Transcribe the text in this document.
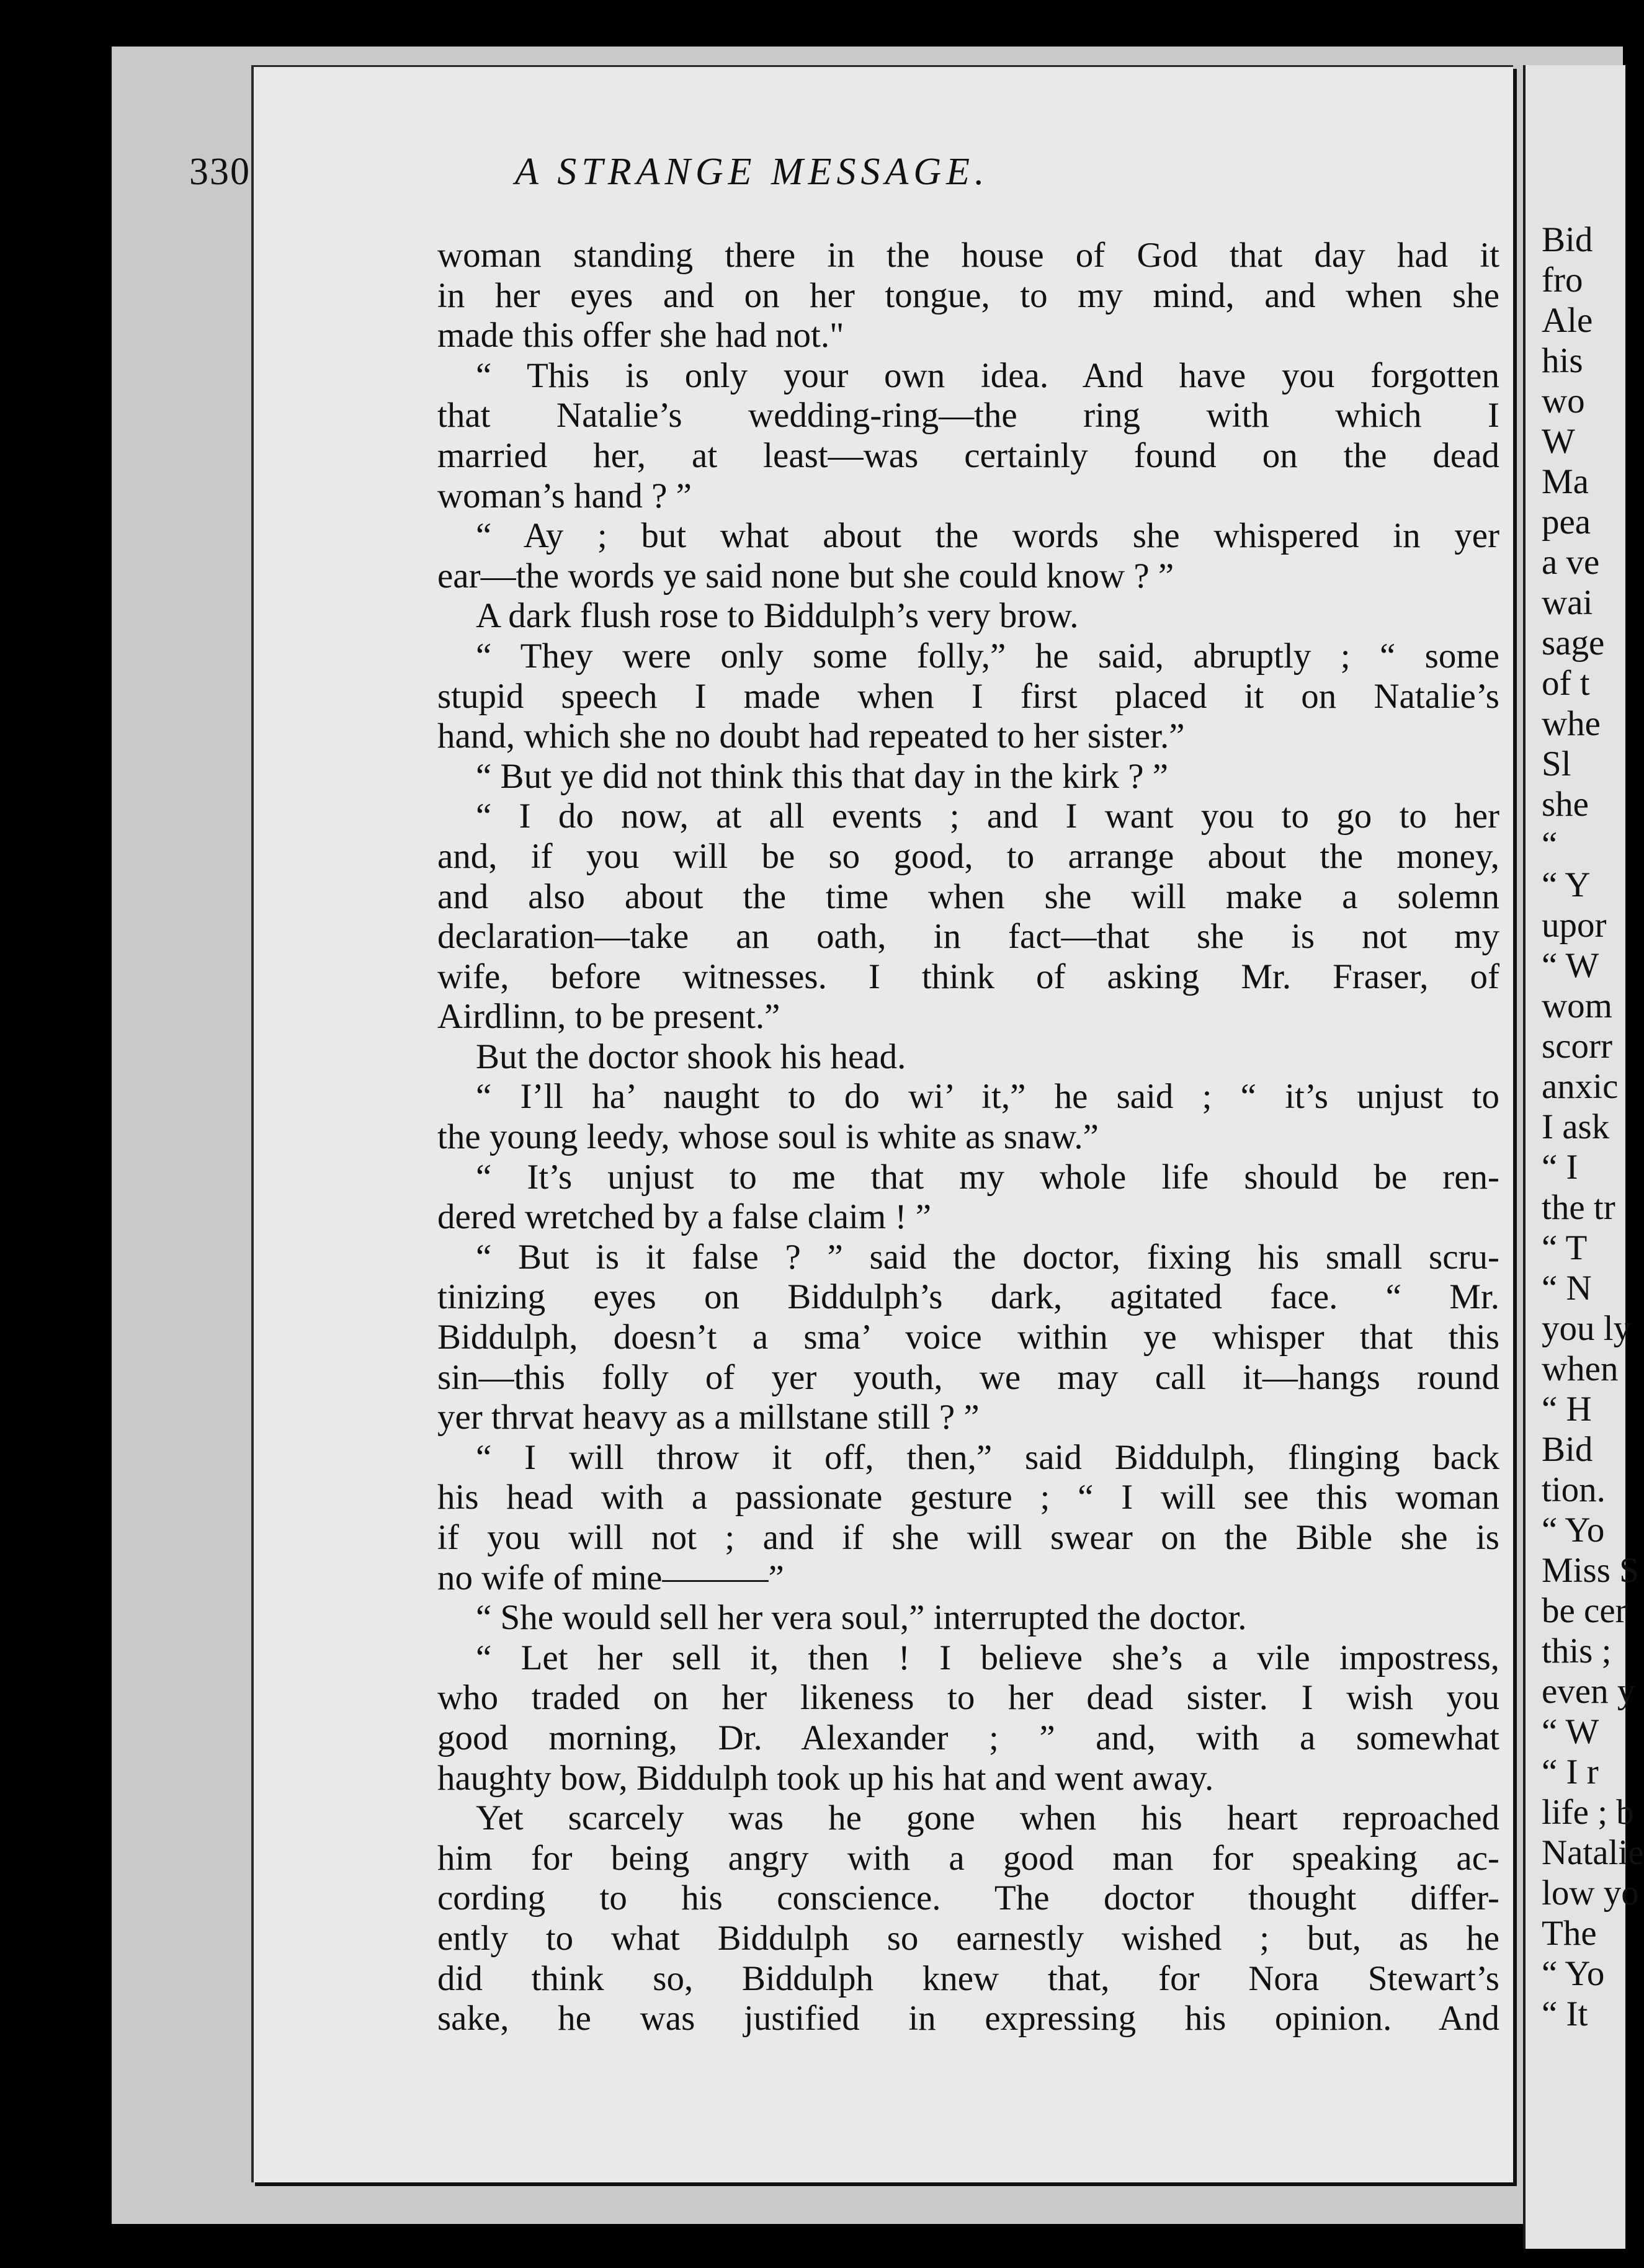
330	A STRANGE MESSAGE.
woman standing there in the house of God that day had it
in her eyes and on her tongue, to my mind, and when she
made this offer she had not."
“ This is only your own idea. And have you forgotten
that Natalie’s wedding-ring—the ring with which I
married her, at least—was certainly found on the dead
woman’s hand ? ”
“ Ay ; but what about the words she whispered in yer
ear—the words ye said none but she could know ? ”
A dark flush rose to Biddulph’s very brow.
“ They were only some folly,” he said, abruptly ; “ some
stupid speech I made when I first placed it on Natalie’s
hand, which she no doubt had repeated to her sister.”
“ But ye did not think this that day in the kirk ? ”
“ I do now, at all events ; and I want you to go to her
and, if you will be so good, to arrange about the money,
and also about the time when she will make a solemn
declaration—take an oath, in fact—that she is not my
wife, before witnesses. I think of asking Mr. Fraser, of
Airdlinn, to be present.”
But the doctor shook his head.
“ I’ll ha’ naught to do wi’ it,” he said ; “ it’s unjust to
the young leedy, whose soul is white as snaw.”
“ It’s unjust to me that my whole life should be ren-
dered wretched by a false claim ! ”
“ But is it false ? ” said the doctor, fixing his small scru-
tinizing eyes on Biddulph’s dark, agitated face. “ Mr.
Biddulph, doesn’t a sma’ voice within ye whisper that this
sin—this folly of yer youth, we may call it—hangs round
yer thrvat heavy as a millstane still ? ”
“ I will throw it off, then,” said Biddulph, flinging back
his head with a passionate gesture ; “ I will see this woman
if you will not ; and if she will swear on the Bible she is
no wife of mine———”
“ She would sell her vera soul,” interrupted the doctor.
“ Let her sell it, then ! I believe she’s a vile impostress,
who traded on her likeness to her dead sister. I wish you
good morning, Dr. Alexander ; ” and, with a somewhat
haughty bow, Biddulph took up his hat and went away.
Yet scarcely was he gone when his heart reproached
him for being angry with a good man for speaking ac-
cording to his conscience. The doctor thought differ-
ently to what Biddulph so earnestly wished ; but, as he
did think so, Biddulph knew that, for Nora Stewart’s
sake, he was justified in expressing his opinion. And
Bid
fro
Ale
his
wo
W
Ma
pea
a ve
wai
sage
of t
whe
Sl
she
“
“ Y
upor
“ W
wom
scorr
anxic
I ask
“ I
the tr
“ T
“ N
you ly
when
“ H
Bid
tion.
“ Yo
Miss S
be cer
this ;
even y
“ W
“ I r
life ; b
Natalie
low yo
The
“ Yo
“ It
